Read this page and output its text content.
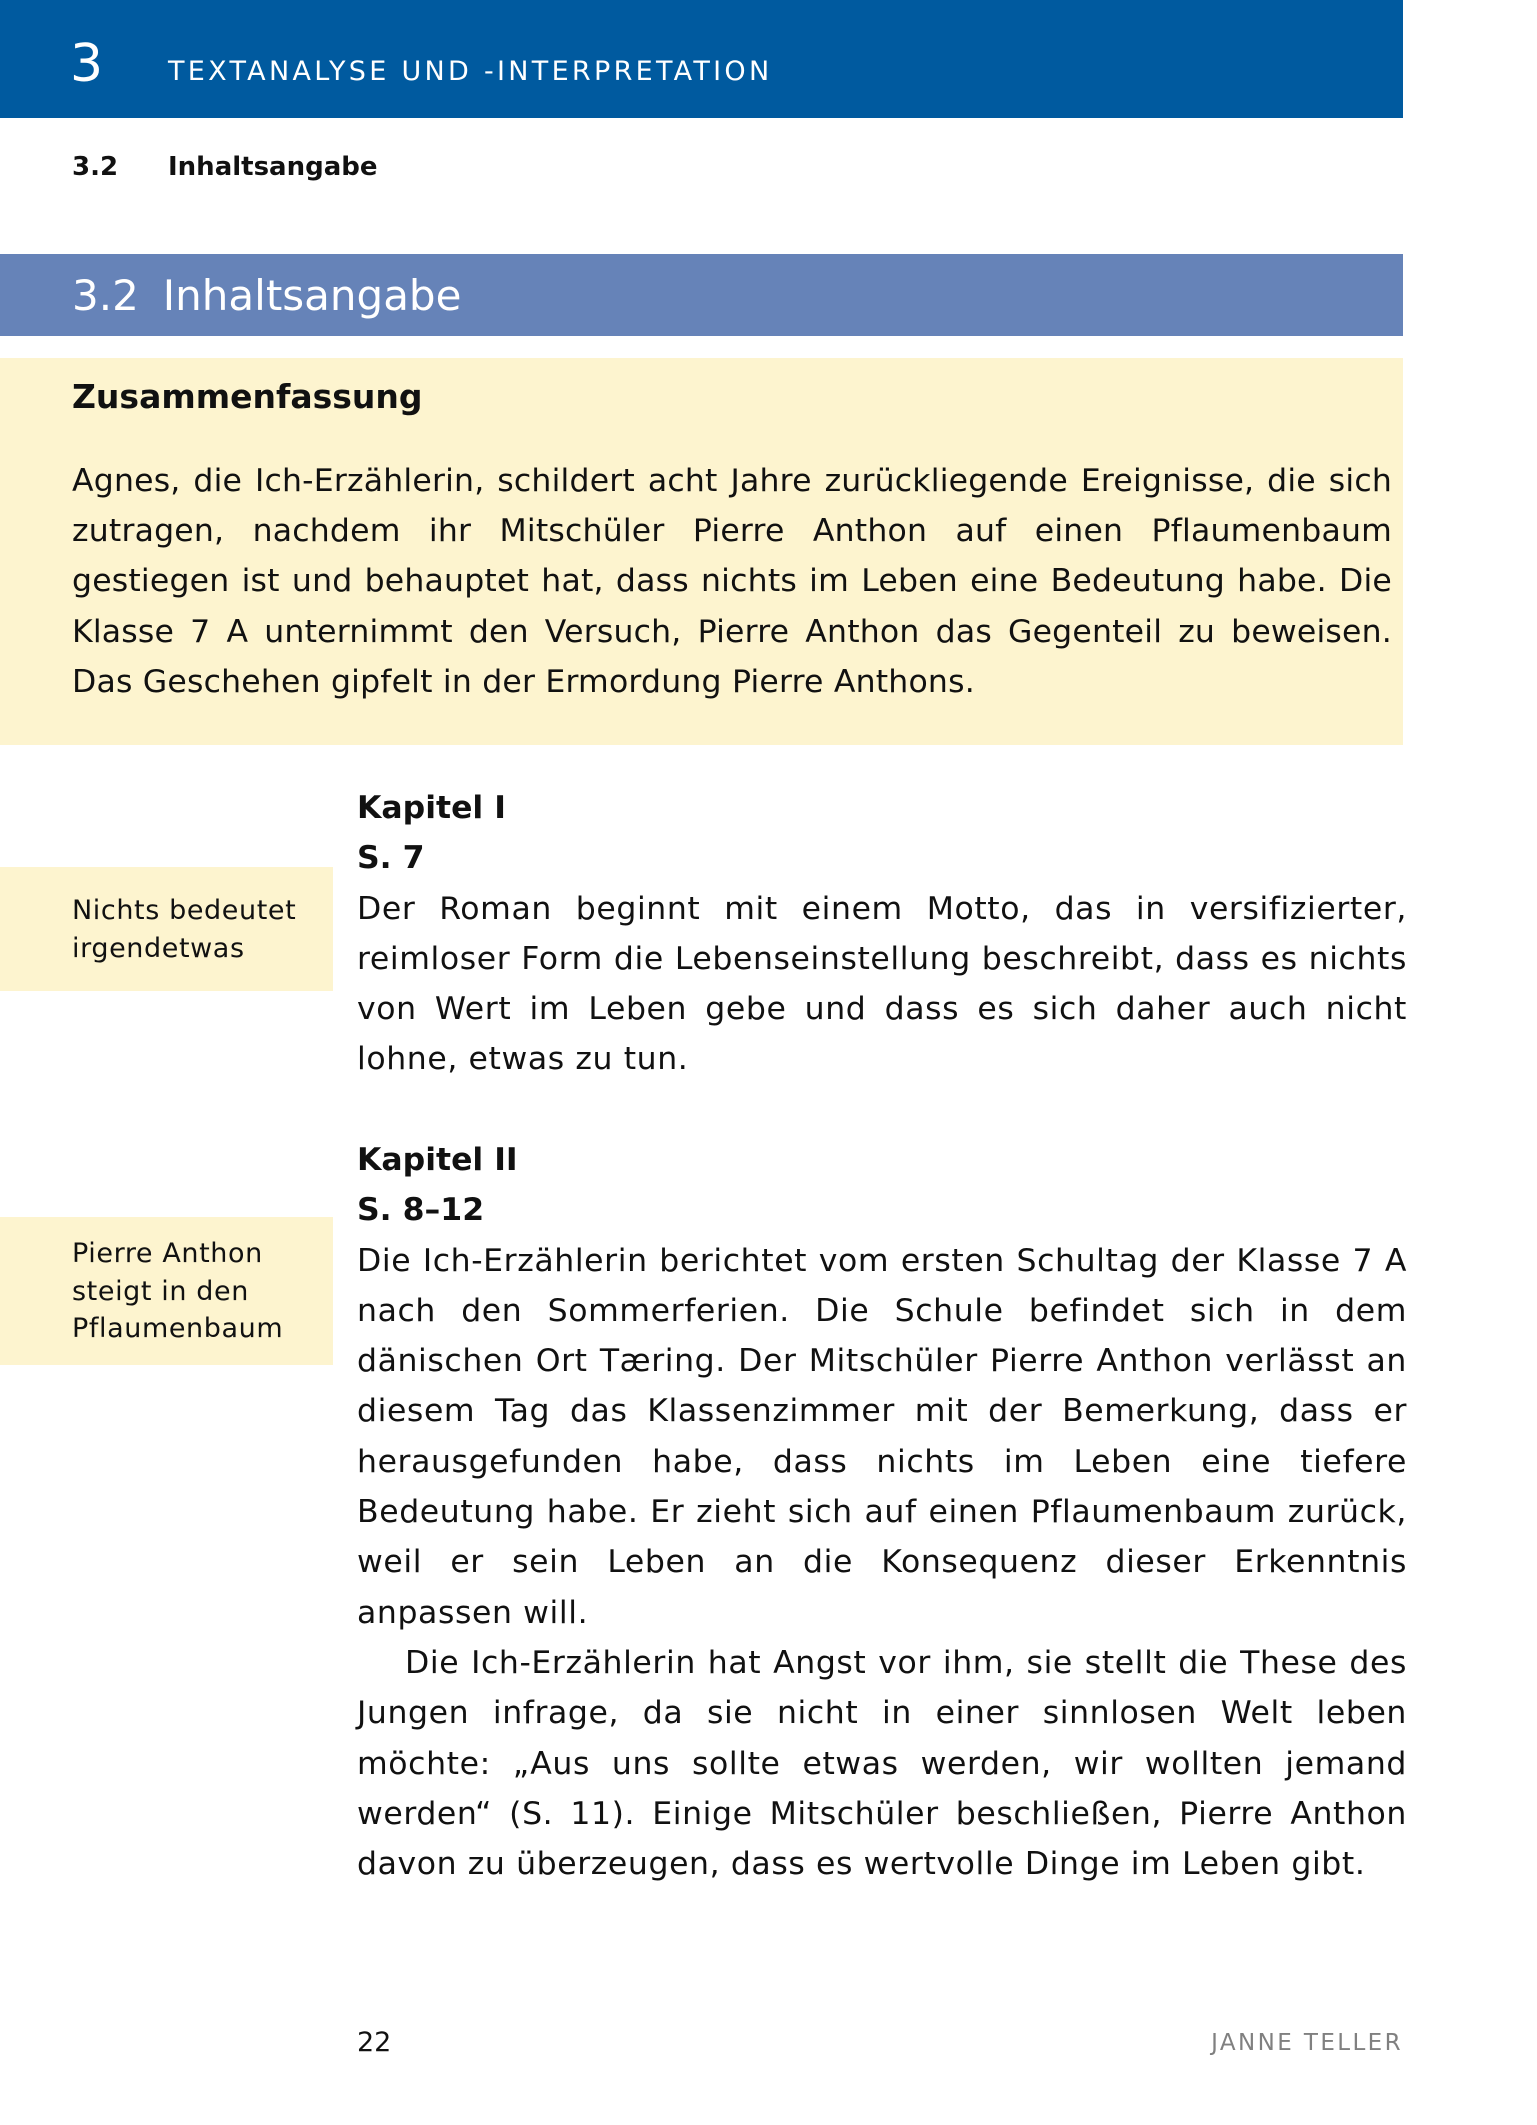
3 TEXTANALYSE UND -INTERPRETATION
3.2 Inhaltsangabe
3.2 Inhaltsangabe
Zusammenfassung
Agnes, die Ich-Erzählerin, schildert acht Jahre zurückliegende Ereignisse, die sich zutragen, nachdem ihr Mitschüler Pierre Anthon auf einen Pflaumenbaum gestiegen ist und behauptet hat, dass nichts im Leben eine Bedeutung habe. Die Klasse 7 A unternimmt den Versuch, Pierre Anthon das Gegenteil zu beweisen. Das Geschehen gipfelt in der Ermordung Pierre Anthons.
Nichts bedeutet irgendetwas
Pierre Anthon steigt in den Pflaumenbaum
Kapitel I
S. 7
Der Roman beginnt mit einem Motto, das in versifizierter, reimloser Form die Lebenseinstellung beschreibt, dass es nichts von Wert im Leben gebe und dass es sich daher auch nicht lohne, etwas zu tun.
Kapitel II
S. 8–12
Die Ich-Erzählerin berichtet vom ersten Schultag der Klasse 7 A nach den Sommerferien. Die Schule befindet sich in dem dänischen Ort Tæring. Der Mitschüler Pierre Anthon verlässt an diesem Tag das Klassenzimmer mit der Bemerkung, dass er herausgefunden habe, dass nichts im Leben eine tiefere Bedeutung habe. Er zieht sich auf einen Pflaumenbaum zurück, weil er sein Leben an die Konsequenz dieser Erkenntnis anpassen will.
Die Ich-Erzählerin hat Angst vor ihm, sie stellt die These des Jungen infrage, da sie nicht in einer sinnlosen Welt leben möchte: „Aus uns sollte etwas werden, wir wollten jemand werden“ (S. 11). Einige Mitschüler beschließen, Pierre Anthon davon zu überzeugen, dass es wertvolle Dinge im Leben gibt.
22	JANNE TELLER
